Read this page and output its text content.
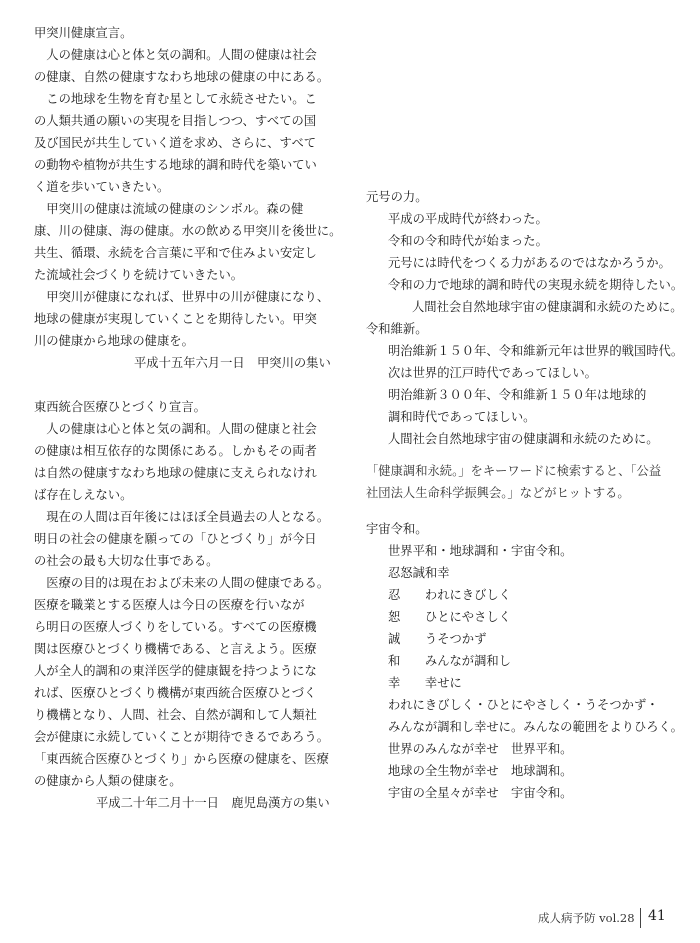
甲突川健康宣言。
　人の健康は心と体と気の調和。人間の健康は社会
の健康、自然の健康すなわち地球の健康の中にある。
　この地球を生物を育む星として永続させたい。こ
の人類共通の願いの実現を目指しつつ、すべての国
及び国民が共生していく道を求め、さらに、すべて
の動物や植物が共生する地球的調和時代を築いてい
く道を歩いていきたい。
　甲突川の健康は流域の健康のシンボル。森の健
康、川の健康、海の健康。水の飲める甲突川を後世に。
共生、循環、永続を合言葉に平和で住みよい安定し
た流域社会づくりを続けていきたい。
　甲突川が健康になれば、世界中の川が健康になり、
地球の健康が実現していくことを期待したい。甲突
川の健康から地球の健康を。
平成十五年六月一日　甲突川の集い
東西統合医療ひとづくり宣言。
　人の健康は心と体と気の調和。人間の健康と社会
の健康は相互依存的な関係にある。しかもその両者
は自然の健康すなわち地球の健康に支えられなけれ
ば存在しえない。
　現在の人間は百年後にはほぼ全員過去の人となる。
明日の社会の健康を願っての「ひとづくり」が今日
の社会の最も大切な仕事である。
　医療の目的は現在および未来の人間の健康である。
医療を職業とする医療人は今日の医療を行いなが
ら明日の医療人づくりをしている。すべての医療機
関は医療ひとづくり機構である、と言えよう。医療
人が全人的調和の東洋医学的健康観を持つようにな
れば、医療ひとづくり機構が東西統合医療ひとづく
り機構となり、人間、社会、自然が調和して人類社
会が健康に永続していくことが期待できるであろう。
「東西統合医療ひとづくり」から医療の健康を、医療
の健康から人類の健康を。
平成二十年二月十一日　鹿児島漢方の集い
元号の力。
平成の平成時代が終わった。
令和の令和時代が始まった。
元号には時代をつくる力があるのではなかろうか。
令和の力で地球的調和時代の実現永続を期待したい。
人間社会自然地球宇宙の健康調和永続のために。
令和維新。
明治維新１５０年、令和維新元年は世界的戦国時代。
次は世界的江戸時代であってほしい。
明治維新３００年、令和維新１５０年は地球的
調和時代であってほしい。
人間社会自然地球宇宙の健康調和永続のために。
「健康調和永続。」をキーワードに検索すると、「公益
社団法人生命科学振興会。」などがヒットする。
宇宙令和。
世界平和・地球調和・宇宙令和。
忍怒誠和幸
忍　　われにきびしく
恕　　ひとにやさしく
誠　　うそつかず
和　　みんなが調和し
幸　　幸せに
われにきびしく・ひとにやさしく・うそつかず・
みんなが調和し幸せに。みんなの範囲をよりひろく。
世界のみんなが幸せ　世界平和。
地球の全生物が幸せ　地球調和。
宇宙の全星々が幸せ　宇宙令和。
成人病予防 vol.28 41
